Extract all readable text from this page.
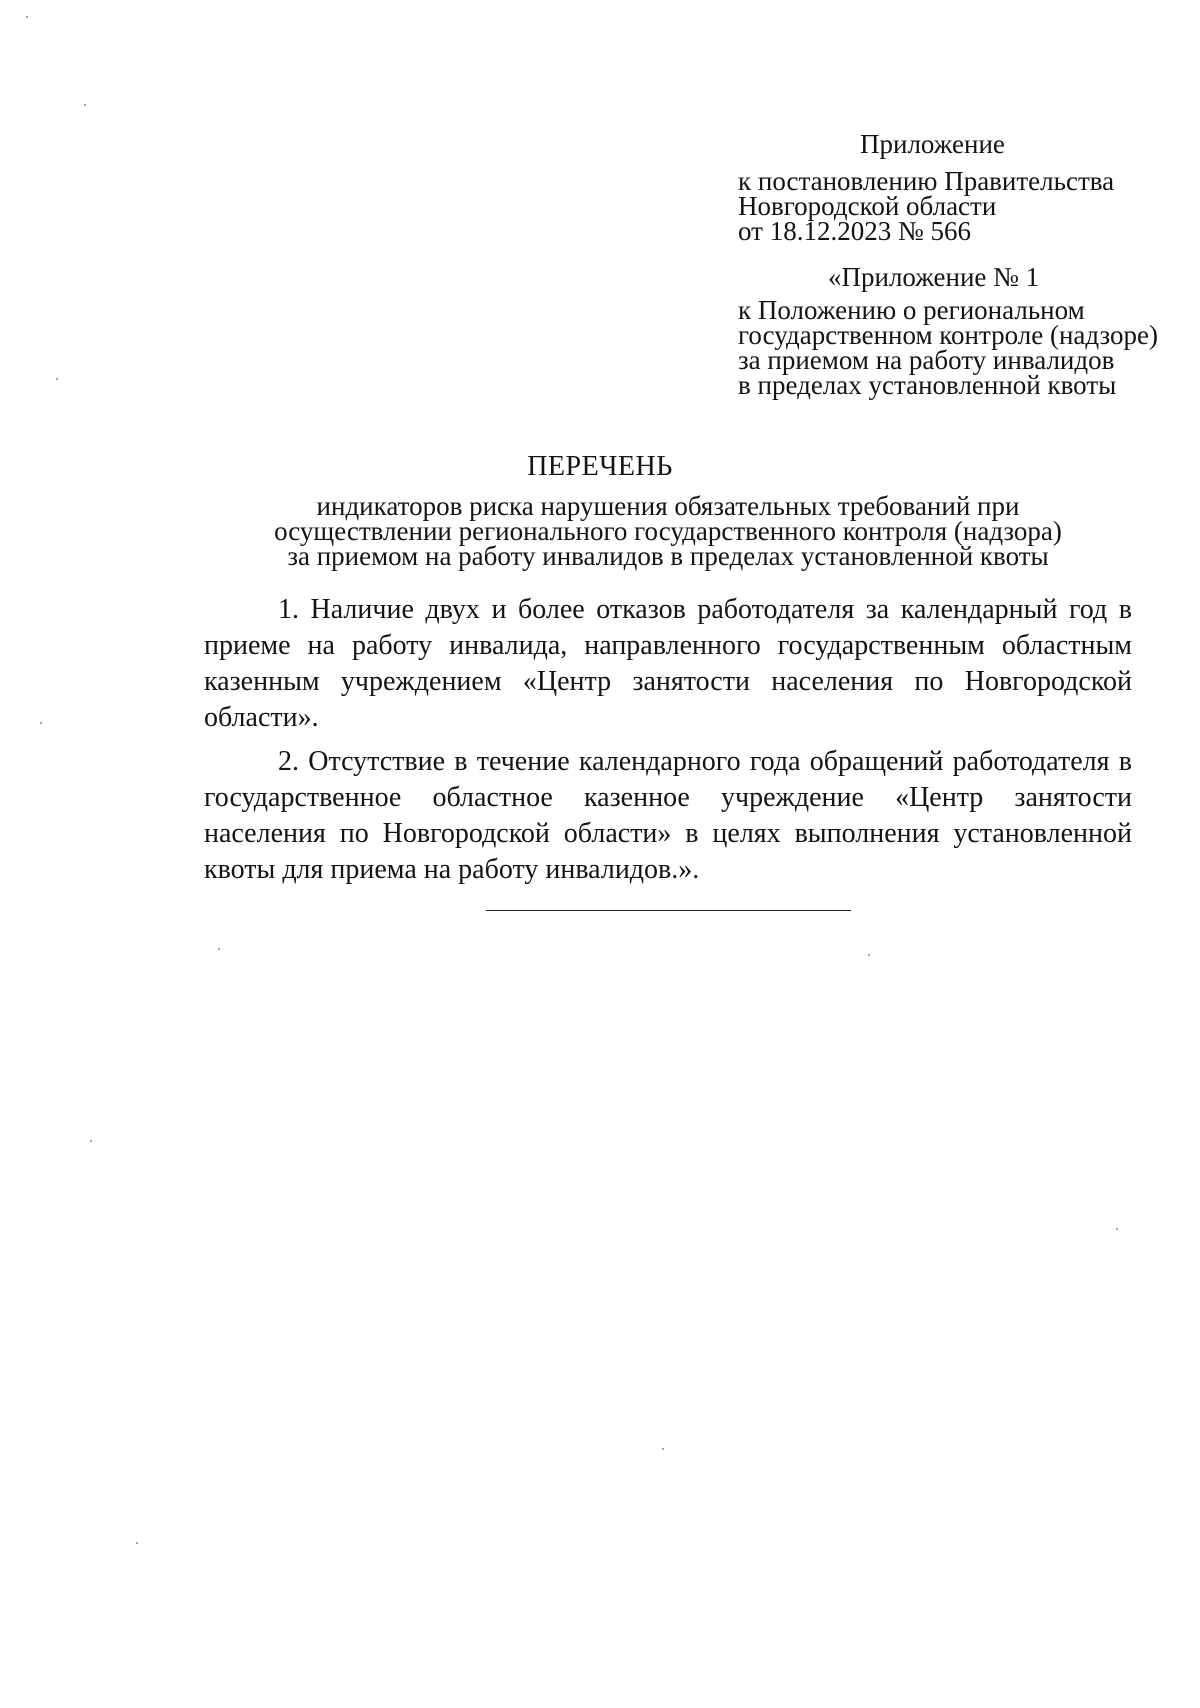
Приложение

к постановлению Правительства
Новгородской области
от 18.12.2023 № 566

«Приложение № 1

к Положению о региональном
государственном контроле (надзоре)
за приемом на работу инвалидов
в пределах установленной квоты
ПЕРЕЧЕНЬ
индикаторов риска нарушения обязательных требований при
осуществлении регионального государственного контроля (надзора)
за приемом на работу инвалидов в пределах установленной квоты

1. Наличие двух и более отказов работодателя за календарный год в приеме на работу инвалида, направленного государственным областным казенным учреждением «Центр занятости населения по Новгородской области».

2. Отсутствие в течение календарного года обращений работодателя в государственное областное казенное учреждение «Центр занятости населения по Новгородской области» в целях выполнения установленной квоты для приема на работу инвалидов.».
